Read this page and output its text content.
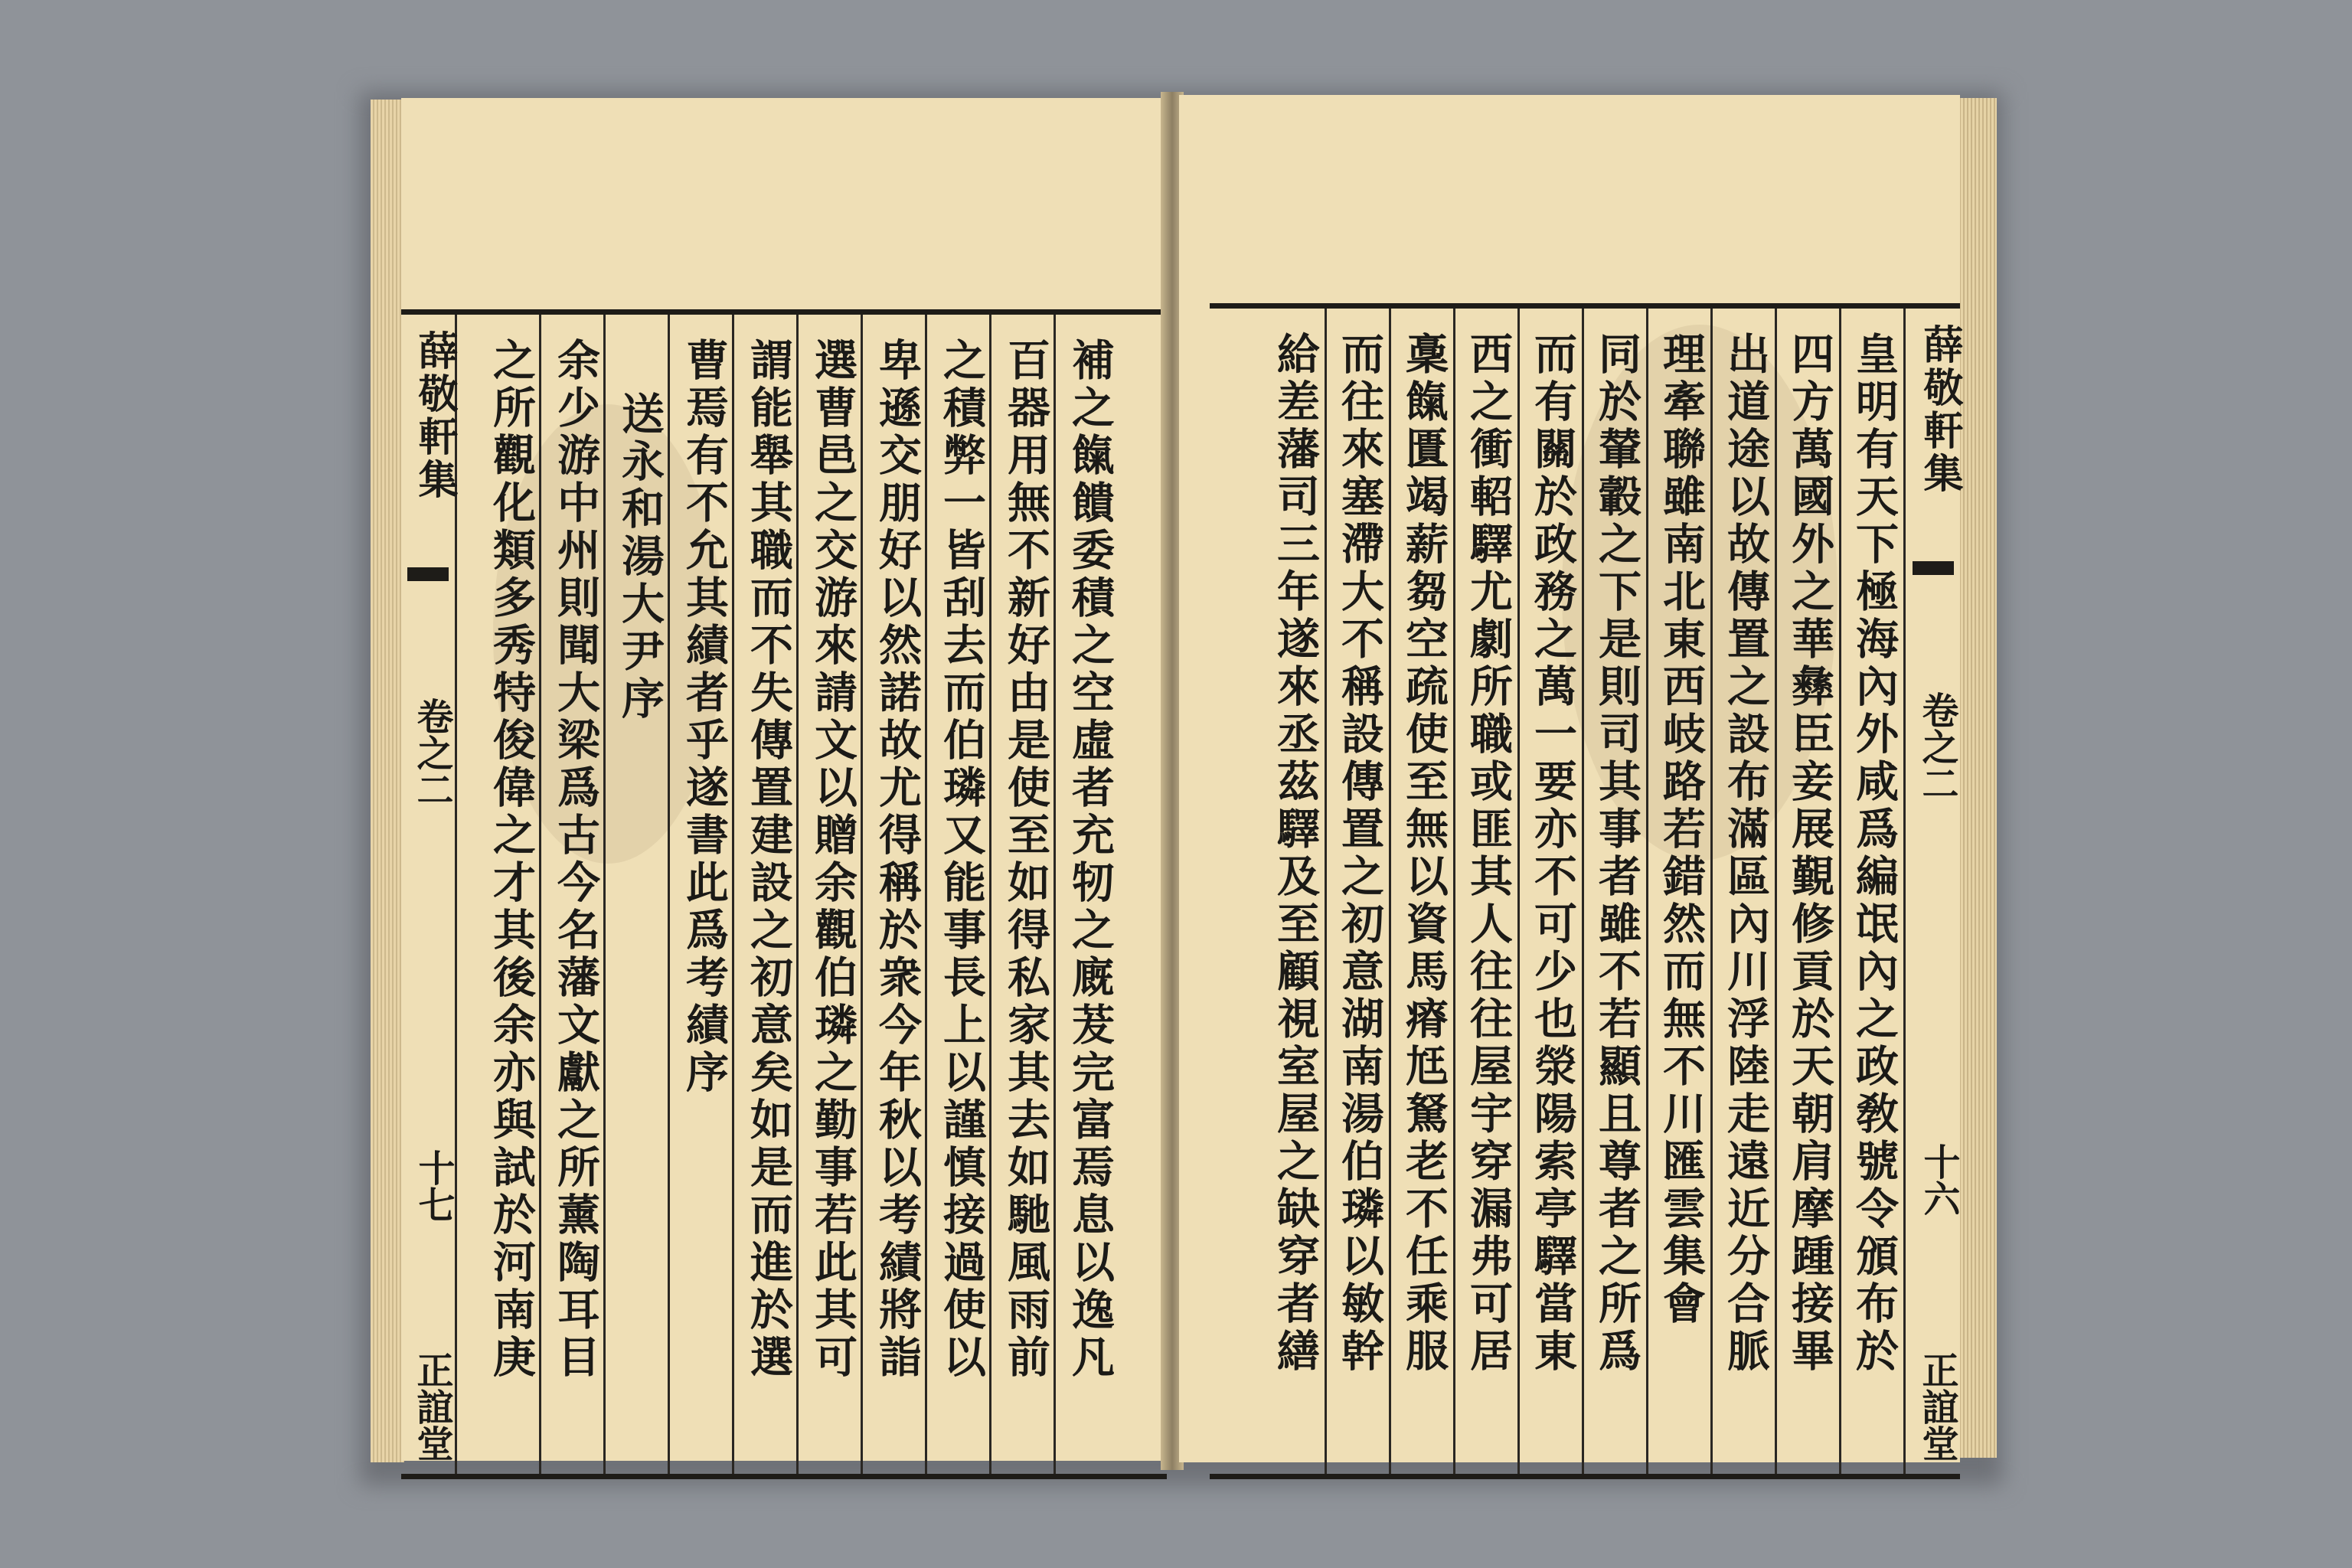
補之餼饋委積之空虛者充牣之廐茇完富焉息以逸凡
百器用無不新好由是使至如得私家其去如馳風雨前
之積弊一皆刮去而伯璘又能事長上以謹慎接過使以
卑遜交朋好以然諾故尤得稱於衆今年秋以考績將詣
選曹邑之交游來請文以贈余觀伯璘之勤事若此其可
謂能舉其職而不失傳置建設之初意矣如是而進於選
曹焉有不允其績者乎遂書此爲考績序
送永和湯大尹序
余少游中州則聞大梁爲古今名藩文獻之所薰陶耳目
之所觀化類多秀特俊偉之才其後余亦與試於河南庚
薛敬軒集
卷之二
十七
正誼堂
皇明有天下極海內外咸爲編氓內之政敎號令頒布於
四方萬國外之華彝臣妾展覲修貢於天朝肩摩踵接畢
出道途以故傳置之設布滿區內川浮陸走遠近分合脈
理牽聯雖南北東西岐路若錯然而無不川匯雲集會
同於輦轂之下是則司其事者雖不若顯且尊者之所爲
而有關於政務之萬一要亦不可少也滎陽索亭驛當東
西之衝軺驛尤劇所職或匪其人往往屋宇穿漏弗可居
稾餼匱竭薪芻空疏使至無以資馬瘠尪駑老不任乘服
而往來塞滯大不稱設傳置之初意湖南湯伯璘以敏幹
給差藩司三年遂來丞茲驛及至顧視室屋之缺穿者繕	薛敬軒集
卷之二
十六
正誼堂
